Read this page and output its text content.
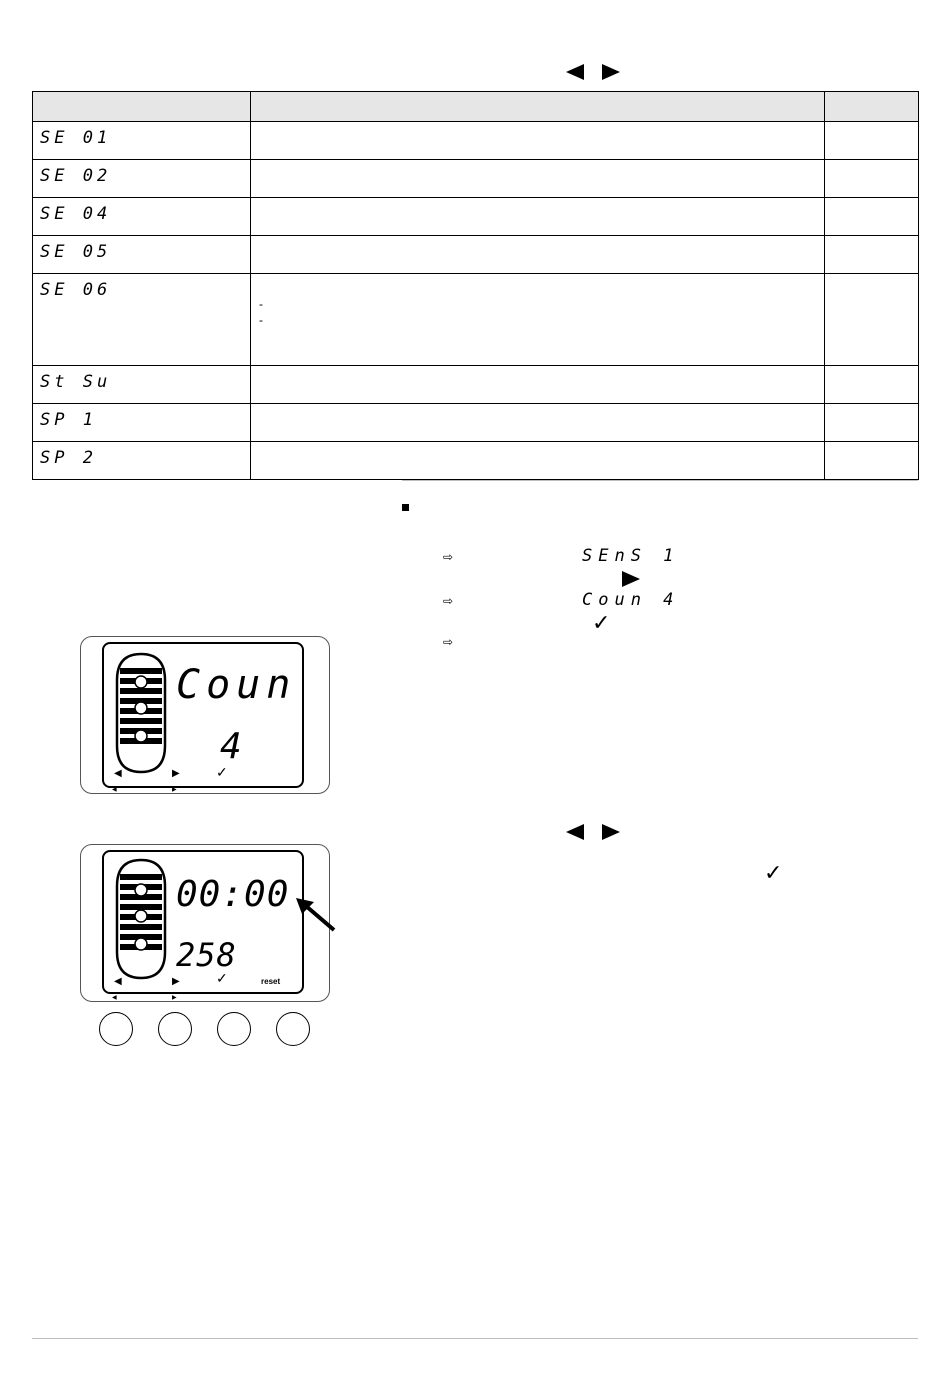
SE 01		
SE 02		
SE 04		
SE 05		
SE 06	-
-	

St Su		
SP 1		
SP 2		
⇨	SEnS 1
⇨	Coun 4
✓
⇨
✓
Coun
4
◀	▶	✓
◀	▶
00:00
258
◀	▶	✓	reset
◀	▶
